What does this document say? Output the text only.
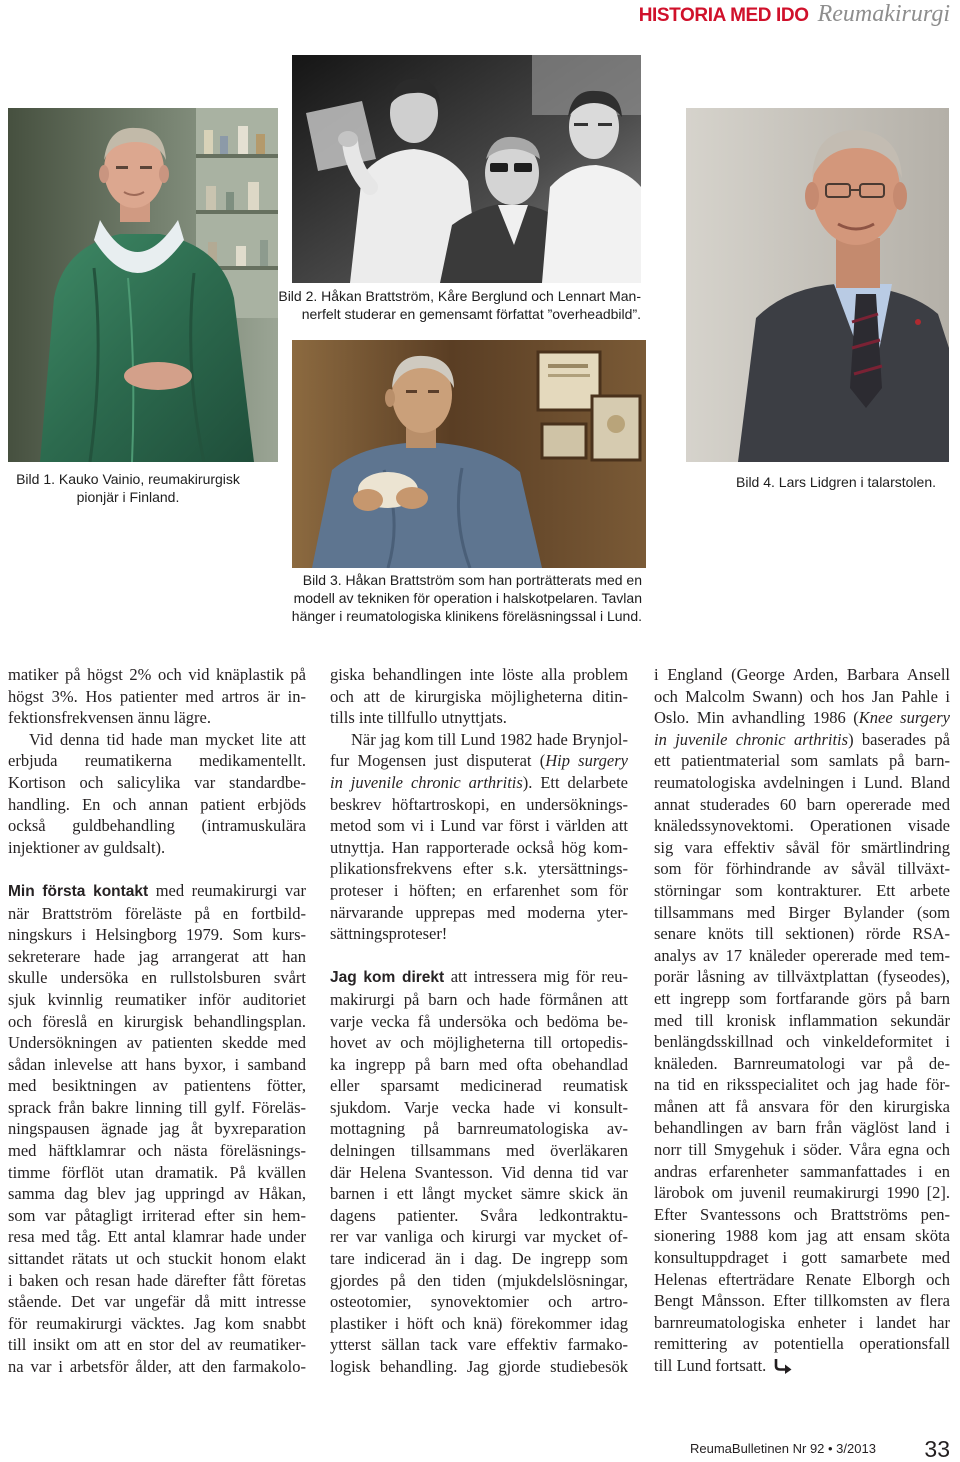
HISTORIA MED IDO Reumakirurgi
Bild 1. Kauko Vainio, reumakirurgisk
pionjär i Finland.
Bild 2. Håkan Brattström, Kåre Berglund och Lennart Man-
nerfelt studerar en gemensamt författat ”overheadbild”.
Bild 3. Håkan Brattström som han porträtterats med en
modell av tekniken för operation i halskotpelaren. Tavlan
hänger i reumatologiska klinikens föreläsningssal i Lund.
Bild 4. Lars Lidgren i talarstolen.
matiker på högst 2% och vid knäplastik på
högst 3%. Hos patienter med artros är in-
fektionsfrekvensen ännu lägre.
Vid denna tid hade man mycket lite att
erbjuda reumatikerna medikamentellt.
Kortison och salicylika var standardbe-
handling. En och annan patient erbjöds
också guldbehandling (intramuskulära
injektioner av guldsalt).
Min första kontakt med reumakirurgi var
när Brattström föreläste på en fortbild-
ningskurs i Helsingborg 1979. Som kurs-
sekreterare hade jag arrangerat att han
skulle undersöka en rullstolsburen svårt
sjuk kvinnlig reumatiker inför auditoriet
och föreslå en kirurgisk behandlingsplan.
Undersökningen av patienten skedde med
sådan inlevelse att hans byxor, i samband
med besiktningen av patientens fötter,
sprack från bakre linning till gylf. Föreläs-
ningspausen ägnade jag åt byxreparation
med häftklamrar och nästa föreläsnings-
timme förflöt utan dramatik. På kvällen
samma dag blev jag uppringd av Håkan,
som var påtagligt irriterad efter sin hem-
resa med tåg. Ett antal klamrar hade under
sittandet rätats ut och stuckit honom elakt
i baken och resan hade därefter fått företas
stående. Det var ungefär då mitt intresse
för reumakirurgi väcktes. Jag kom snabbt
till insikt om att en stor del av reumatiker-
na var i arbetsför ålder, att den farmakolo-
giska behandlingen inte löste alla problem
och att de kirurgiska möjligheterna ditin-
tills inte tillfullo utnyttjats.
När jag kom till Lund 1982 hade Brynjol-
fur Mogensen just disputerat (Hip surgery
in juvenile chronic arthritis). Ett delarbete
beskrev höftartroskopi, en undersöknings-
metod som vi i Lund var först i världen att
utnyttja. Han rapporterade också hög kom-
plikationsfrekvens efter s.k. ytersättnings-
proteser i höften; en erfarenhet som för
närvarande upprepas med moderna yter-
sättningsproteser!
Jag kom direkt att intressera mig för reu-
makirurgi på barn och hade förmånen att
varje vecka få undersöka och bedöma be-
hovet av och möjligheterna till ortopedis-
ka ingrepp på barn med ofta obehandlad
eller sparsamt medicinerad reumatisk
sjukdom. Varje vecka hade vi konsult-
mottagning på barnreumatologiska av-
delningen tillsammans med överläkaren
där Helena Svantesson. Vid denna tid var
barnen i ett långt mycket sämre skick än
dagens patienter. Svåra ledkontraktu-
rer var vanliga och kirurgi var mycket of-
tare indicerad än i dag. De ingrepp som
gjordes på den tiden (mjukdelslösningar,
osteotomier, synovektomier och artro-
plastiker i höft och knä) förekommer idag
ytterst sällan tack vare effektiv farmako-
logisk behandling. Jag gjorde studiebesök
i England (George Arden, Barbara Ansell
och Malcolm Swann) och hos Jan Pahle i
Oslo. Min avhandling 1986 (Knee surgery
in juvenile chronic arthritis) baserades på
ett patientmaterial som samlats på barn-
reumatologiska avdelningen i Lund. Bland
annat studerades 60 barn opererade med
knäledssynovektomi. Operationen visade
sig vara effektiv såväl för smärtlindring
som för förhindrande av såväl tillväxt-
störningar som kontrakturer. Ett arbete
tillsammans med Birger Bylander (som
senare knöts till sektionen) rörde RSA-
analys av 17 knäleder opererade med tem-
porär låsning av tillväxtplattan (fyseodes),
ett ingrepp som fortfarande görs på barn
med till kronisk inflammation sekundär
benlängdsskillnad och vinkeldeformitet i
knäleden. Barnreumatologi var på de-
na tid en riksspecialitet och jag hade för-
månen att få ansvara för den kirurgiska
behandlingen av barn från väglöst land i
norr till Smygehuk i söder. Våra egna och
andras erfarenheter sammanfattades i en
lärobok om juvenil reumakirurgi 1990 [2].
Efter Svantessons och Brattströms pen-
sionering 1988 kom jag att ensam sköta
konsultuppdraget i gott samarbete med
Helenas efterträdare Renate Elborgh och
Bengt Månsson. Efter tillkomsten av flera
barnreumatologiska enheter i landet har
remittering av potentiella operationsfall
till Lund fortsatt.
ReumaBulletinen Nr 92 • 3/2013 33
